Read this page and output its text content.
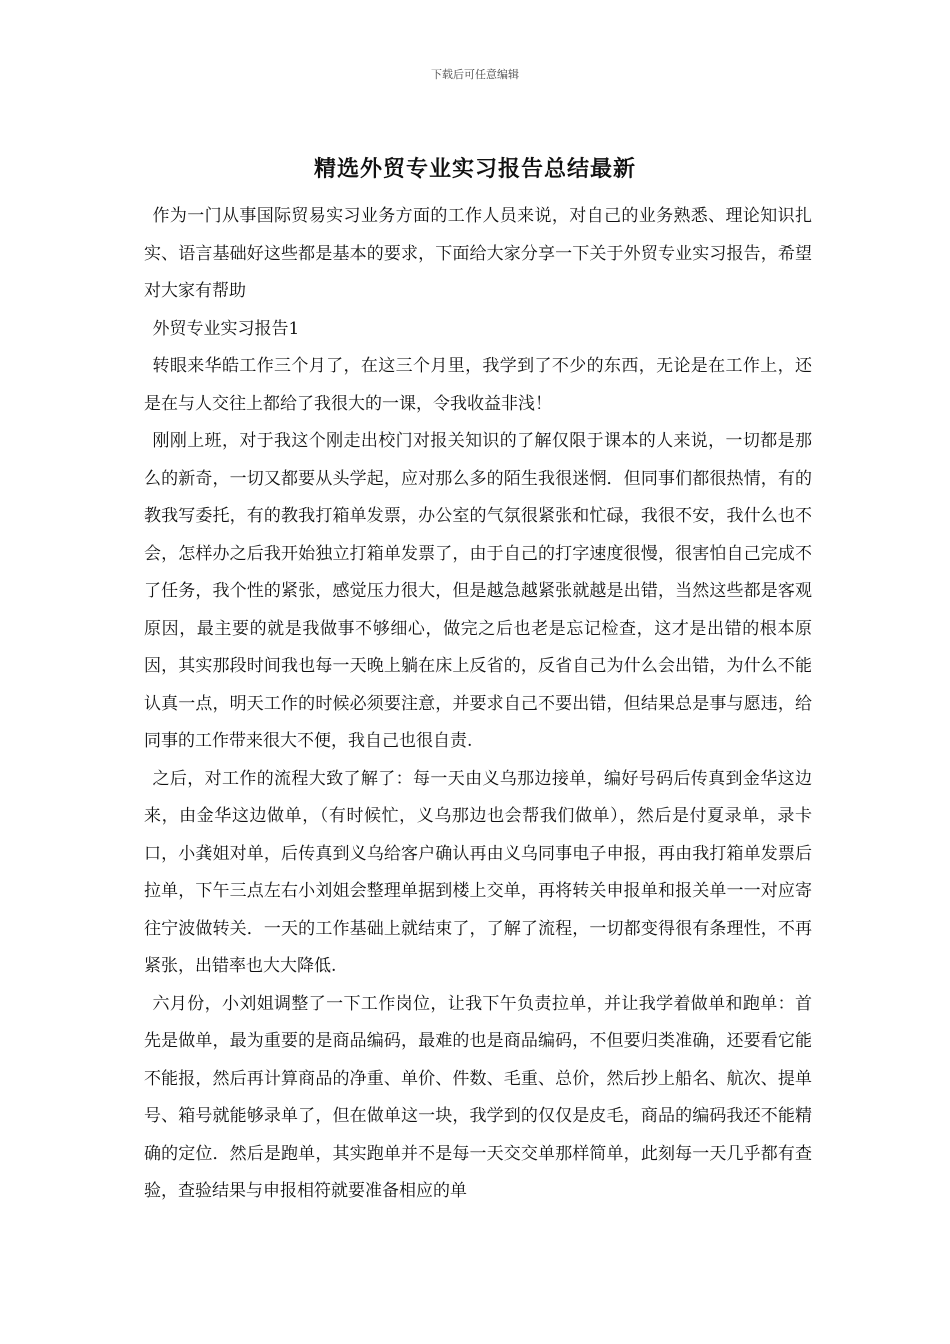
下载后可任意编辑
精选外贸专业实习报告总结最新

作为一门从事国际贸易实习业务方面的工作人员来说，对自己的业务熟悉、理论知识扎实、语言基础好这些都是基本的要求，下面给大家分享一下关于外贸专业实习报告，希望对大家有帮助

外贸专业实习报告1

转眼来华皓工作三个月了，在这三个月里，我学到了不少的东西，无论是在工作上，还是在与人交往上都给了我很大的一课，令我收益非浅！

刚刚上班，对于我这个刚走出校门对报关知识的了解仅限于课本的人来说，一切都是那么的新奇，一切又都要从头学起，应对那么多的陌生我很迷惘．但同事们都很热情，有的教我写委托，有的教我打箱单发票，办公室的气氛很紧张和忙碌，我很不安，我什么也不会，怎样办之后我开始独立打箱单发票了，由于自己的打字速度很慢，很害怕自己完成不了任务，我个性的紧张，感觉压力很大，但是越急越紧张就越是出错，当然这些都是客观原因，最主要的就是我做事不够细心，做完之后也老是忘记检查，这才是出错的根本原因，其实那段时间我也每一天晚上躺在床上反省的，反省自己为什么会出错，为什么不能认真一点，明天工作的时候必须要注意，并要求自己不要出错，但结果总是事与愿违，给同事的工作带来很大不便，我自己也很自责.

之后，对工作的流程大致了解了：每一天由义乌那边接单，编好号码后传真到金华这边来，由金华这边做单，（有时候忙，义乌那边也会帮我们做单），然后是付夏录单，录卡口，小龚姐对单，后传真到义乌给客户确认再由义乌同事电子申报，再由我打箱单发票后拉单，下午三点左右小刘姐会整理单据到楼上交单，再将转关申报单和报关单一一对应寄往宁波做转关．一天的工作基础上就结束了，了解了流程，一切都变得很有条理性，不再紧张，出错率也大大降低.

六月份，小刘姐调整了一下工作岗位，让我下午负责拉单，并让我学着做单和跑单：首先是做单，最为重要的是商品编码，最难的也是商品编码，不但要归类准确，还要看它能不能报，然后再计算商品的净重、单价、件数、毛重、总价，然后抄上船名、航次、提单号、箱号就能够录单了，但在做单这一块，我学到的仅仅是皮毛，商品的编码我还不能精确的定位．然后是跑单，其实跑单并不是每一天交交单那样简单，此刻每一天几乎都有查验，查验结果与申报相符就要准备相应的单
